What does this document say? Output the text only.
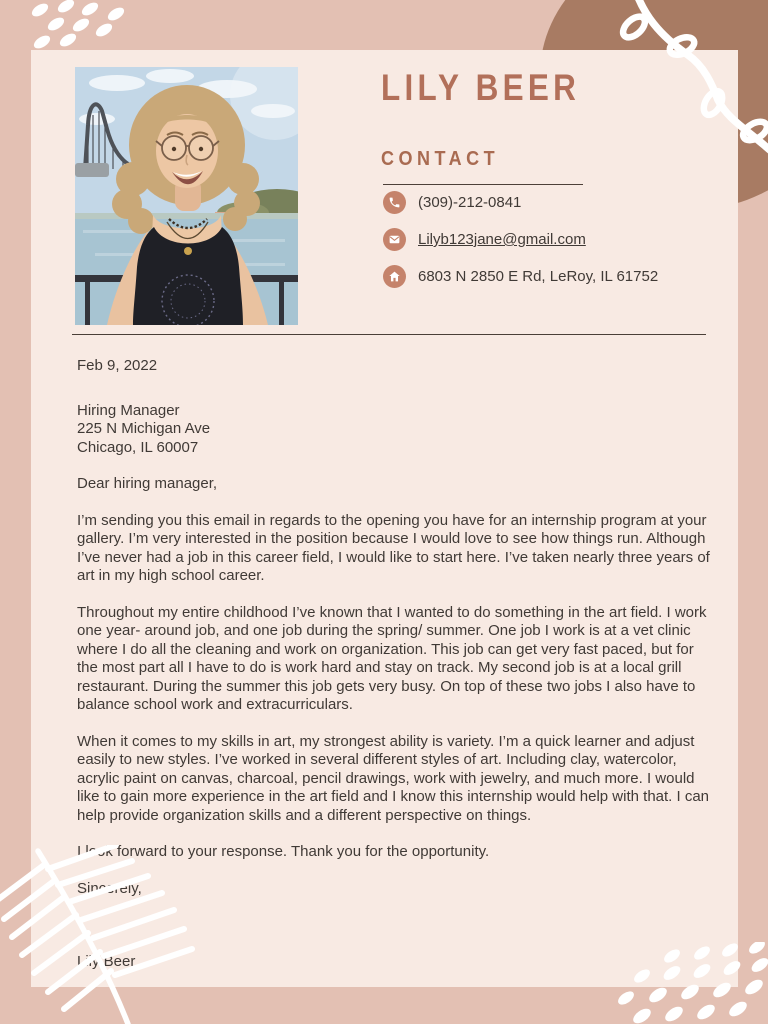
LILY BEER
CONTACT
(309)-212-0841
Lilyb123jane@gmail.com
6803 N 2850 E Rd, LeRoy, IL 61752

Feb 9, 2022

Hiring Manager
225 N Michigan Ave
Chicago, IL 60007

Dear hiring manager,

I’m sending you this email in regards to the opening you have for an internship program at your gallery. I’m very interested in the position because I would love to see how things run. Although I’ve never had a job in this career field, I would like to start here. I’ve taken nearly three years of art in my high school career.

Throughout my entire childhood I’ve known that I wanted to do something in the art field. I work one year- around job, and one job during the spring/ summer. One job I work is at a vet clinic where I do all the cleaning and work on organization. This job can get very fast paced, but for the most part all I have to do is work hard and stay on track. My second job is at a local grill restaurant. During the summer this job gets very busy. On top of these two jobs I also have to balance school work and extracurriculars.

When it comes to my skills in art, my strongest ability is variety. I’m a quick learner and adjust easily to new styles. I’ve worked in several different styles of art. Including clay, watercolor, acrylic paint on canvas, charcoal, pencil drawings, work with jewelry, and much more. I would like to gain more experience in the art field and I know this internship would help with that. I can help provide organization skills and a different perspective on things.

I look forward to your response. Thank you for the opportunity.

Sincerely,

Lily Beer
